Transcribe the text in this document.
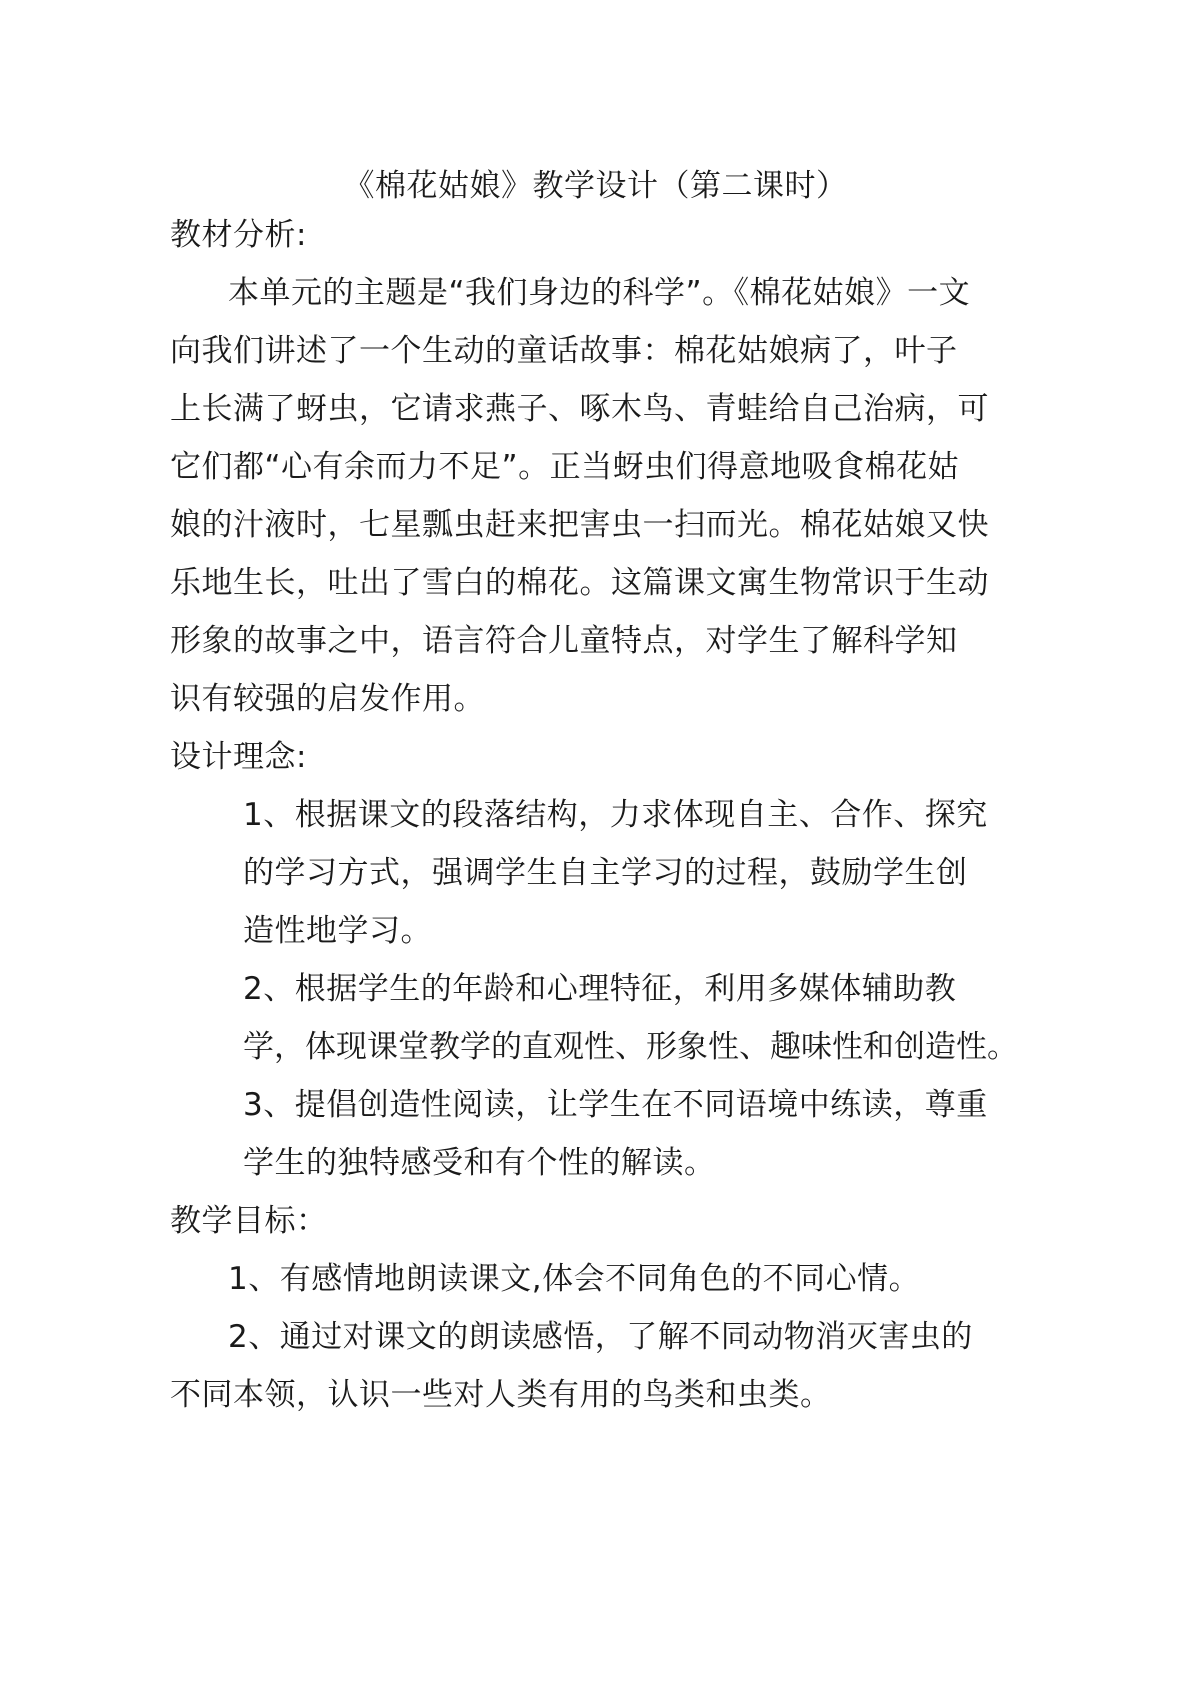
《棉花姑娘》教学设计（第二课时）
教材分析:
本单元的主题是“我们身边的科学”。《棉花姑娘》一文
向我们讲述了一个生动的童话故事：棉花姑娘病了，叶子
上长满了蚜虫，它请求燕子、啄木鸟、青蛙给自己治病，可
它们都“心有余而力不足”。正当蚜虫们得意地吸食棉花姑
娘的汁液时，七星瓢虫赶来把害虫一扫而光。棉花姑娘又快
乐地生长，吐出了雪白的棉花。这篇课文寓生物常识于生动
形象的故事之中，语言符合儿童特点，对学生了解科学知
识有较强的启发作用。
设计理念:
1、根据课文的段落结构，力求体现自主、合作、探究
的学习方式，强调学生自主学习的过程，鼓励学生创
造性地学习。
2、根据学生的年龄和心理特征，利用多媒体辅助教
学，体现课堂教学的直观性、形象性、趣味性和创造性。
3、提倡创造性阅读，让学生在不同语境中练读，尊重
学生的独特感受和有个性的解读。
教学目标：
1、有感情地朗读课文,体会不同角色的不同心情。
2、通过对课文的朗读感悟，了解不同动物消灭害虫的
不同本领，认识一些对人类有用的鸟类和虫类。
